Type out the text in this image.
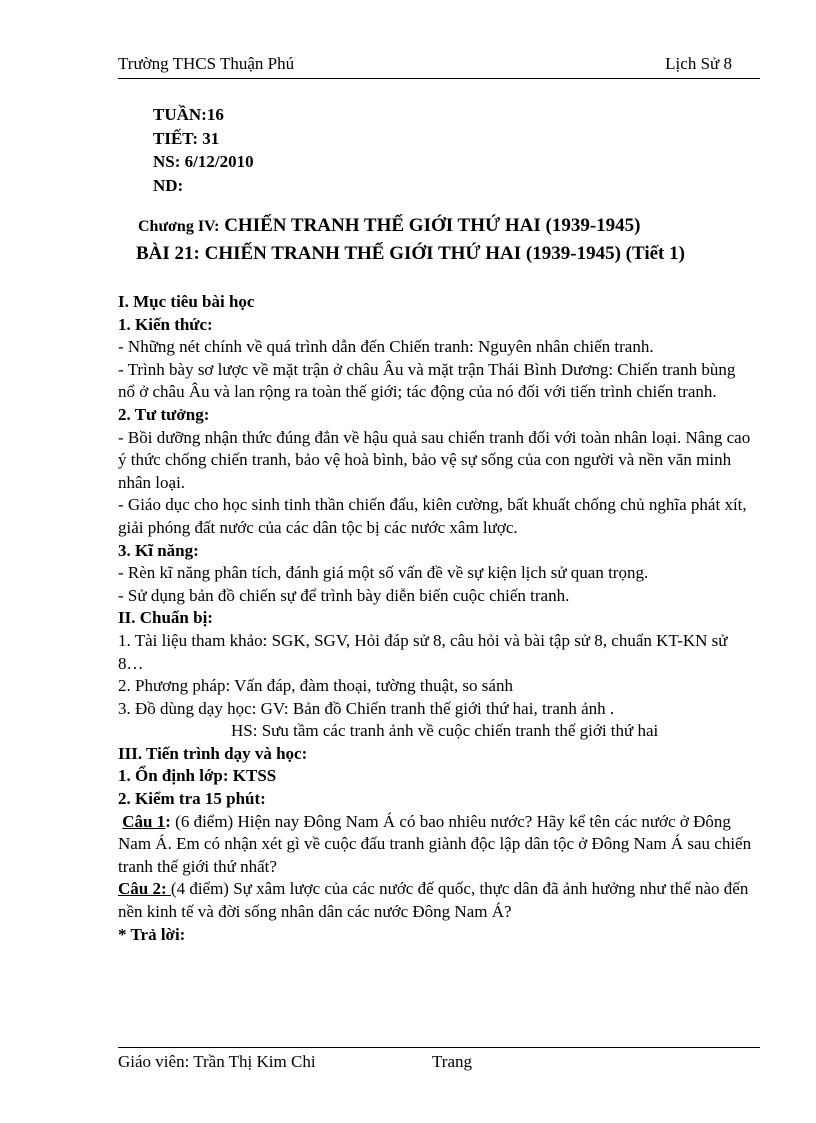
Trường THCS Thuận Phú	Lịch Sử 8
TUẦN:16
TIẾT: 31
NS: 6/12/2010
ND:
Chương IV: CHIẾN TRANH THẾ GIỚI THỨ HAI (1939-1945)
BÀI 21: CHIẾN TRANH THẾ GIỚI THỨ HAI (1939-1945) (Tiết 1)

I. Mục tiêu bài học

1. Kiến thức:

- Những nét chính về quá trình dẫn đến Chiến tranh: Nguyên nhân chiến tranh.

- Trình bày sơ lược về mặt trận ở châu Âu và mặt trận Thái Bình Dương: Chiến tranh bùng nổ ở châu Âu và lan rộng ra toàn thế giới; tác động của nó đối với tiến trình chiến tranh.

2. Tư tưởng:

- Bồi dưỡng nhận thức đúng đắn về hậu quả sau chiến tranh đối với toàn nhân loại. Nâng cao ý thức chống chiến tranh, bảo vệ hoà bình, bảo vệ sự sống của con người và nền văn minh nhân loại.

- Giáo dục cho học sinh tinh thần chiến đấu, kiên cường, bất khuất chống chủ nghĩa phát xít, giải phóng đất nước của các dân tộc bị các nước xâm lược.

3. Kĩ năng:

- Rèn kĩ năng phân tích, đánh giá một số vấn đề về sự kiện lịch sử quan trọng.

- Sử dụng bản đồ chiến sự để trình bày diễn biến cuộc chiến tranh.

II. Chuẩn bị:

1. Tài liệu tham khảo: SGK, SGV, Hỏi đáp sử 8, câu hỏi và bài tập sử 8, chuẩn KT-KN sử 8…

2. Phương pháp: Vấn đáp, đàm thoại, tường thuật, so sánh

3. Đồ dùng dạy học: GV: Bản đồ Chiến tranh thế giới thứ hai, tranh ảnh .

HS: Sưu tầm các tranh ảnh về cuộc chiến tranh thế giới thứ hai

III. Tiến trình dạy và học:

1. Ổn định lớp: KTSS

2. Kiểm tra 15 phút:

Câu 1: (6 điểm) Hiện nay Đông Nam Á có bao nhiêu nước? Hãy kể tên các nước ở Đông Nam Á. Em có nhận xét gì về cuộc đấu tranh giành độc lập dân tộc ở Đông Nam Á sau chiến tranh thế giới thứ nhất?

Câu 2: (4 điểm) Sự xâm lược của các nước đế quốc, thực dân đã ảnh hưởng như thế nào đến nền kinh tế và đời sống nhân dân các nước Đông Nam Á?

* Trả lời:

Giáo viên: Trần Thị Kim Chi	Trang
